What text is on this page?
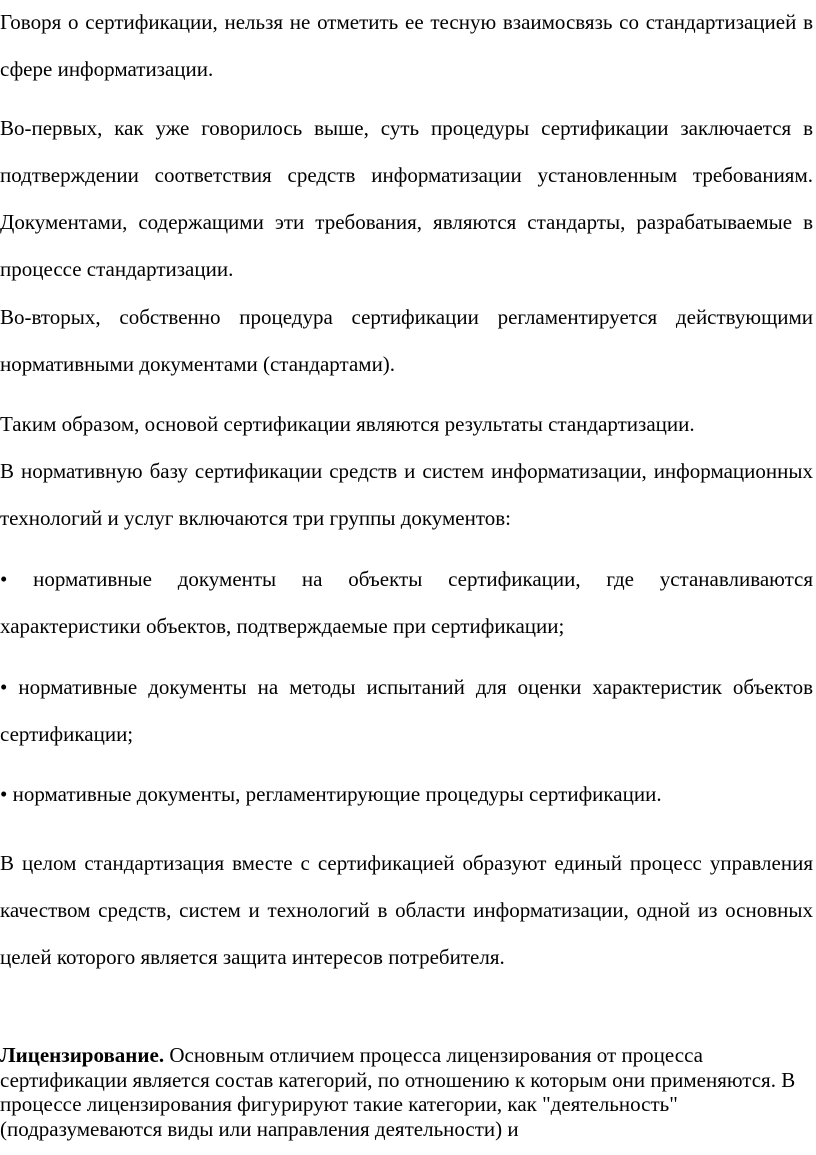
Говоря о сертификации, нельзя не отметить ее тесную взаимосвязь со стандартизацией в сфере информатизации.

Во-первых, как уже говорилось выше, суть процедуры сертификации заключается в подтверждении соответствия средств информатизации установленным требованиям. Документами, содержащими эти требования, являются стандарты, разрабатываемые в процессе стандартизации.

Во-вторых, собственно процедура сертификации регламентируется действующими нормативными документами (стандартами).

Таким образом, основой сертификации являются результаты стандартизации.

В нормативную базу сертификации средств и систем информатизации, информационных технологий и услуг включаются три группы документов:

• нормативные документы на объекты сертификации, где устанавливаются характеристики объектов, подтверждаемые при сертификации;

• нормативные документы на методы испытаний для оценки характеристик объектов сертификации;

• нормативные документы, регламентирующие процедуры сертификации.

В целом стандартизация вместе с сертификацией образуют единый процесс управления качеством средств, систем и технологий в области информатизации, одной из основных целей которого является защита интересов потребителя.

Лицензирование. Основным отличием процесса лицензирования от процесса сертификации является состав категорий, по отношению к которым они применяются. В процессе лицензирования фигурируют такие категории, как "деятельность" (подразумеваются виды или направления деятельности) и
